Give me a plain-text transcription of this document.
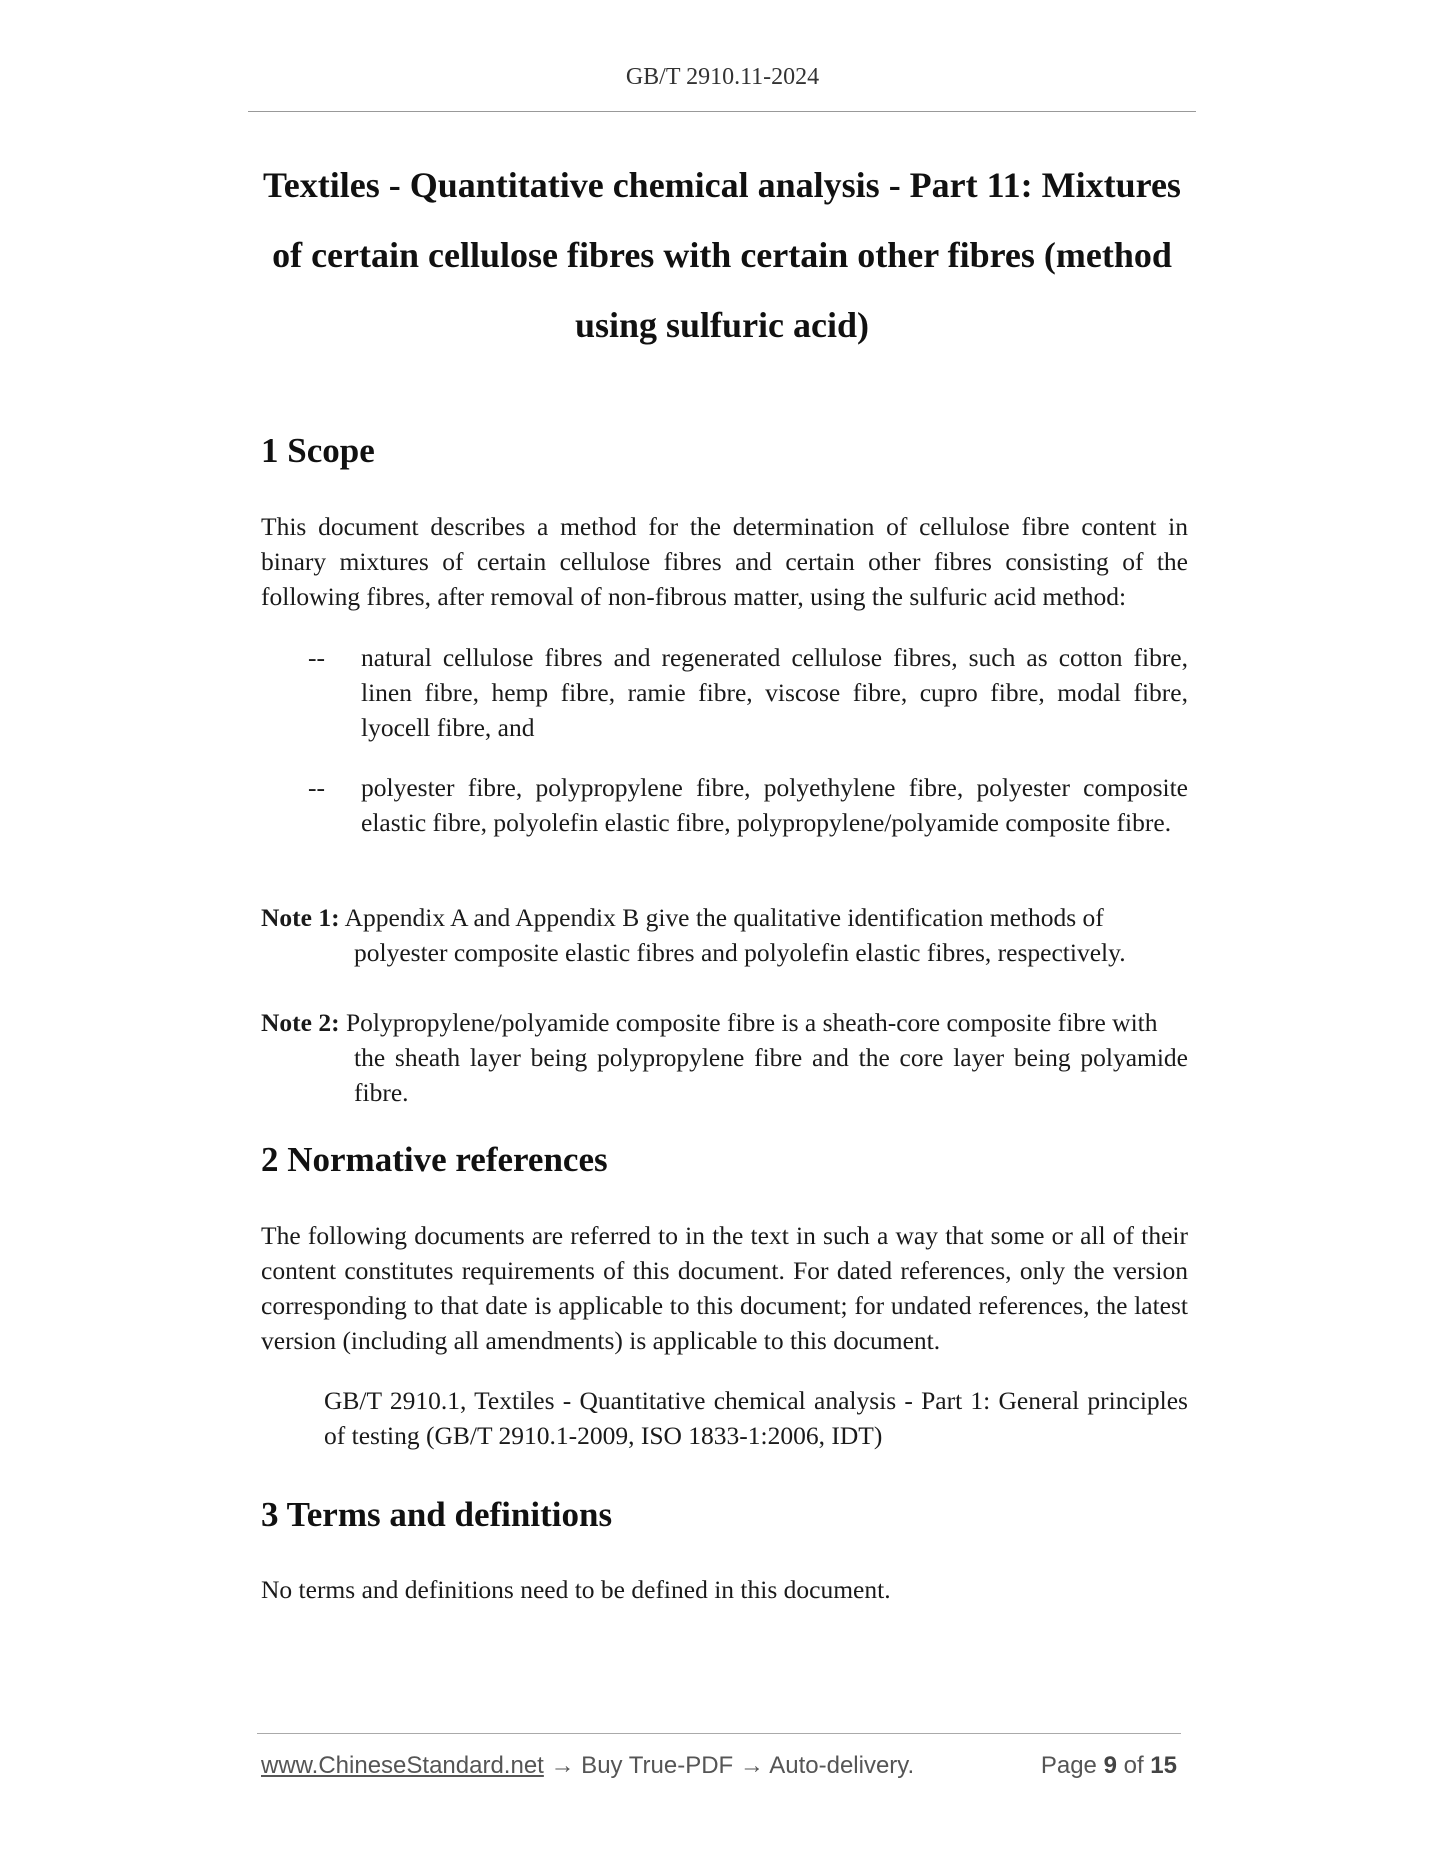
GB/T 2910.11-2024
Textiles - Quantitative chemical analysis - Part 11: Mixtures
of certain cellulose fibres with certain other fibres (method
using sulfuric acid)
1 Scope

This document describes a method for the determination of cellulose fibre content in binary mixtures of certain cellulose fibres and certain other fibres consisting of the following fibres, after removal of non-fibrous matter, using the sulfuric acid method:

--	natural cellulose fibres and regenerated cellulose fibres, such as cotton fibre, linen fibre, hemp fibre, ramie fibre, viscose fibre, cupro fibre, modal fibre, lyocell fibre, and
--	polyester fibre, polypropylene fibre, polyethylene fibre, polyester composite elastic fibre, polyolefin elastic fibre, polypropylene/polyamide composite fibre.
Note 1: Appendix A and Appendix B give the qualitative identification methods of
polyester composite elastic fibres and polyolefin elastic fibres, respectively.
Note 2: Polypropylene/polyamide composite fibre is a sheath-core composite fibre with
the sheath layer being polypropylene fibre and the core layer being polyamide fibre.
2 Normative references

The following documents are referred to in the text in such a way that some or all of their content constitutes requirements of this document. For dated references, only the version corresponding to that date is applicable to this document; for undated references, the latest version (including all amendments) is applicable to this document.

GB/T 2910.1, Textiles - Quantitative chemical analysis - Part 1: General principles of testing (GB/T 2910.1-2009, ISO 1833-1:2006, IDT)

3 Terms and definitions

No terms and definitions need to be defined in this document.

www.ChineseStandard.net → Buy True-PDF → Auto-delivery.	Page 9 of 15
